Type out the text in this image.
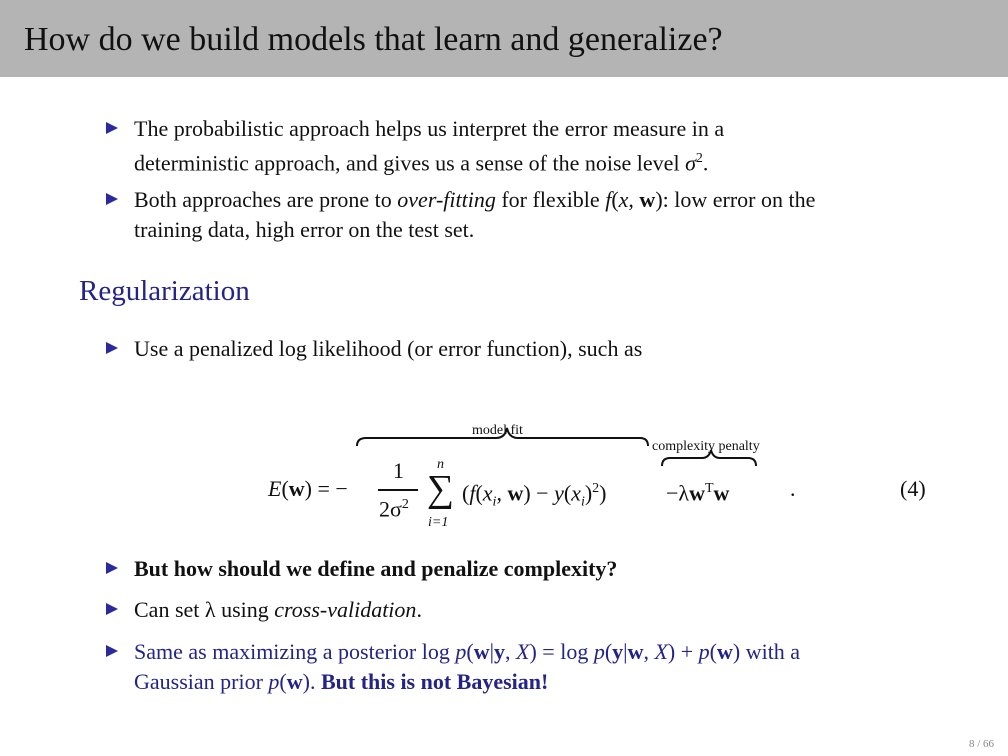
How do we build models that learn and generalize?
The probabilistic approach helps us interpret the error measure in a
deterministic approach, and gives us a sense of the noise level $\sigma^2$.
Both approaches are prone to over-fitting for flexible f(x, w): low error on the
training data, high error on the test set.
Regularization
Use a penalized log likelihood (or error function), such as
model fit
complexity penalty
E(w) = −
1
$2\sigma^2$
n
∑
i=1
($f(x_i$, $w) - y(x_i)^2$)	$-\lambda w^Tw$	.	(4)
But how should we define and penalize complexity?
Can set λ using cross-validation.
Same as maximizing a posterior log p(w|y, X) = log p(y|w, X) + p(w) with a
Gaussian prior p(w). But this is not Bayesian!
8 / 66
